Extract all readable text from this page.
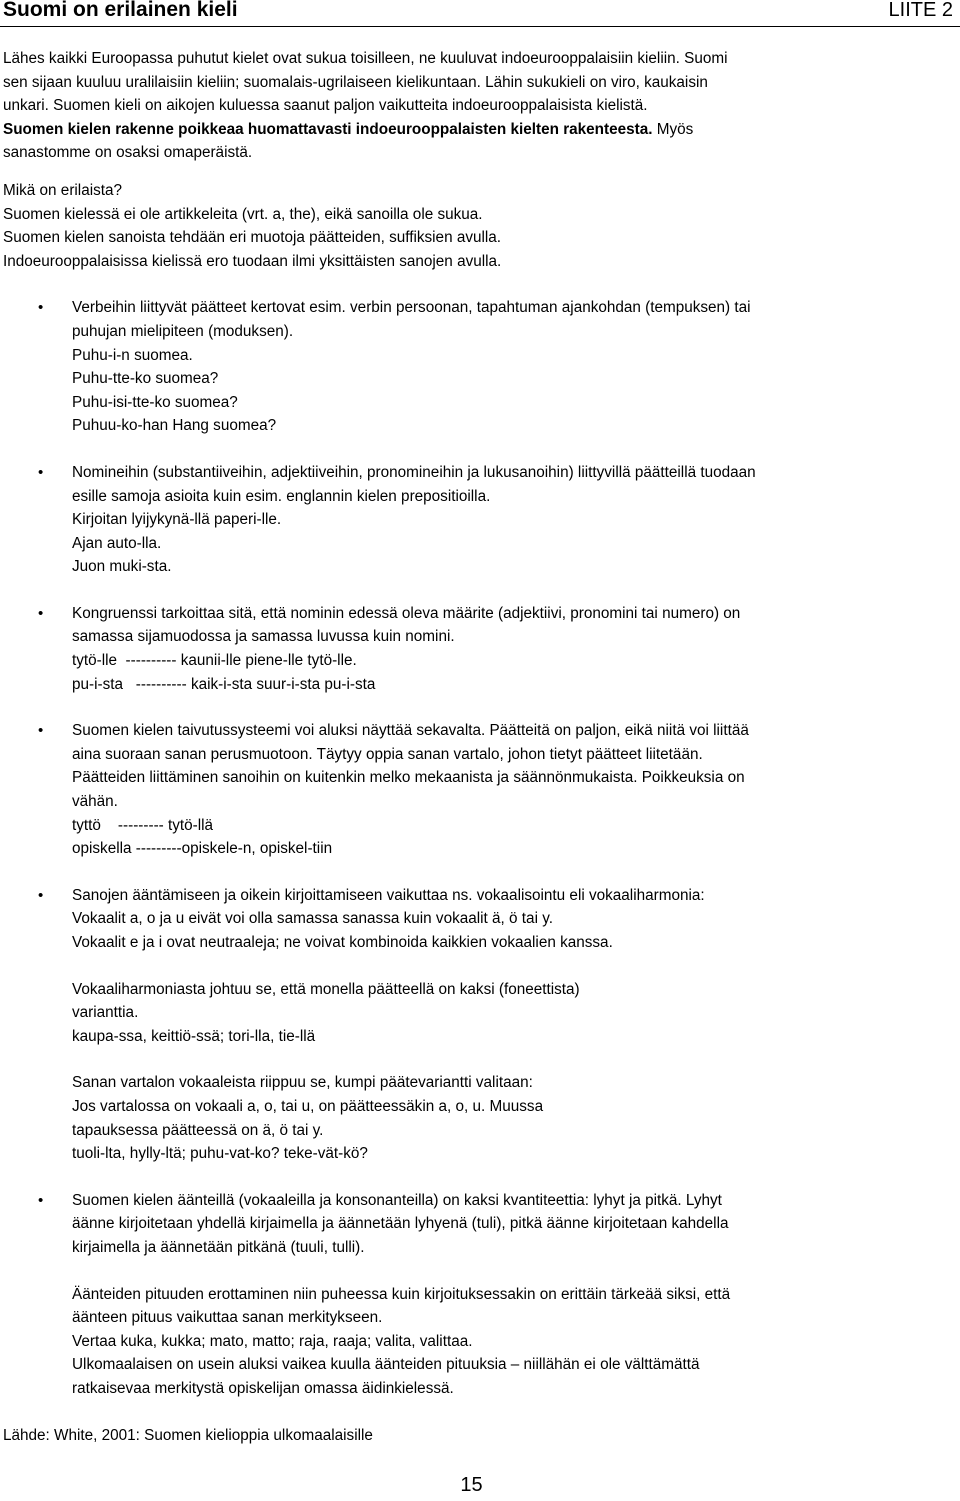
Suomi on erilainen kieli	LIITE 2

Lähes kaikki Euroopassa puhutut kielet ovat sukua toisilleen, ne kuuluvat indoeurooppalaisiin kieliin. Suomi

sen sijaan kuuluu uralilaisiin kieliin; suomalais-ugrilaiseen kielikuntaan. Lähin sukukieli on viro, kaukaisin

unkari. Suomen kieli on aikojen kuluessa saanut paljon vaikutteita indoeurooppalaisista kielistä.

Suomen kielen rakenne poikkeaa huomattavasti indoeurooppalaisten kielten rakenteesta. Myös

sanastomme on osaksi omaperäistä.

Mikä on erilaista?

Suomen kielessä ei ole artikkeleita (vrt. a, the), eikä sanoilla ole sukua.

Suomen kielen sanoista tehdään eri muotoja päätteiden, suffiksien avulla.

Indoeurooppalaisissa kielissä ero tuodaan ilmi yksittäisten sanojen avulla.

• Verbeihin liittyvät päätteet kertovat esim. verbin persoonan, tapahtuman ajankohdan (tempuksen) tai

puhujan mielipiteen (moduksen).

Puhu-i-n suomea.

Puhu-tte-ko suomea?

Puhu-isi-tte-ko suomea?

Puhuu-ko-han Hang suomea?

• Nomineihin (substantiiveihin, adjektiiveihin, pronomineihin ja lukusanoihin) liittyvillä päätteillä tuodaan

esille samoja asioita kuin esim. englannin kielen prepositioilla.

Kirjoitan lyijykynä-llä paperi-lle.

Ajan auto-lla.

Juon muki-sta.

• Kongruenssi tarkoittaa sitä, että nominin edessä oleva määrite (adjektiivi, pronomini tai numero) on

samassa sijamuodossa ja samassa luvussa kuin nomini.

tytö-lle  ---------- kaunii-lle piene-lle tytö-lle.

pu-i-sta   ---------- kaik-i-sta suur-i-sta pu-i-sta

• Suomen kielen taivutussysteemi voi aluksi näyttää sekavalta. Päätteitä on paljon, eikä niitä voi liittää

aina suoraan sanan perusmuotoon. Täytyy oppia sanan vartalo, johon tietyt päätteet liitetään.

Päätteiden liittäminen sanoihin on kuitenkin melko mekaanista ja säännönmukaista. Poikkeuksia on

vähän.

tyttö    --------- tytö-llä

opiskella ---------opiskele-n, opiskel-tiin

• Sanojen ääntämiseen ja oikein kirjoittamiseen vaikuttaa ns. vokaalisointu eli vokaaliharmonia:

Vokaalit a, o ja u eivät voi olla samassa sanassa kuin vokaalit ä, ö tai y.

Vokaalit e ja i ovat neutraaleja; ne voivat kombinoida kaikkien vokaalien kanssa.

Vokaaliharmoniasta johtuu se, että monella päätteellä on kaksi (foneettista)

varianttia.

kaupa-ssa, keittiö-ssä; tori-lla, tie-llä

Sanan vartalon vokaaleista riippuu se, kumpi päätevariantti valitaan:

Jos vartalossa on vokaali a, o, tai u, on päätteessäkin a, o, u. Muussa

tapauksessa päätteessä on ä, ö tai y.

tuoli-lta, hylly-ltä; puhu-vat-ko? teke-vät-kö?

• Suomen kielen äänteillä (vokaaleilla ja konsonanteilla) on kaksi kvantiteettia: lyhyt ja pitkä. Lyhyt

äänne kirjoitetaan yhdellä kirjaimella ja äännetään lyhyenä (tuli), pitkä äänne kirjoitetaan kahdella

kirjaimella ja äännetään pitkänä (tuuli, tulli).

Äänteiden pituuden erottaminen niin puheessa kuin kirjoituksessakin on erittäin tärkeää siksi, että

äänteen pituus vaikuttaa sanan merkitykseen.

Vertaa kuka, kukka; mato, matto; raja, raaja; valita, valittaa.

Ulkomaalaisen on usein aluksi vaikea kuulla äänteiden pituuksia – niillähän ei ole välttämättä

ratkaisevaa merkitystä opiskelijan omassa äidinkielessä.

Lähde: White, 2001: Suomen kielioppia ulkomaalaisille

15
